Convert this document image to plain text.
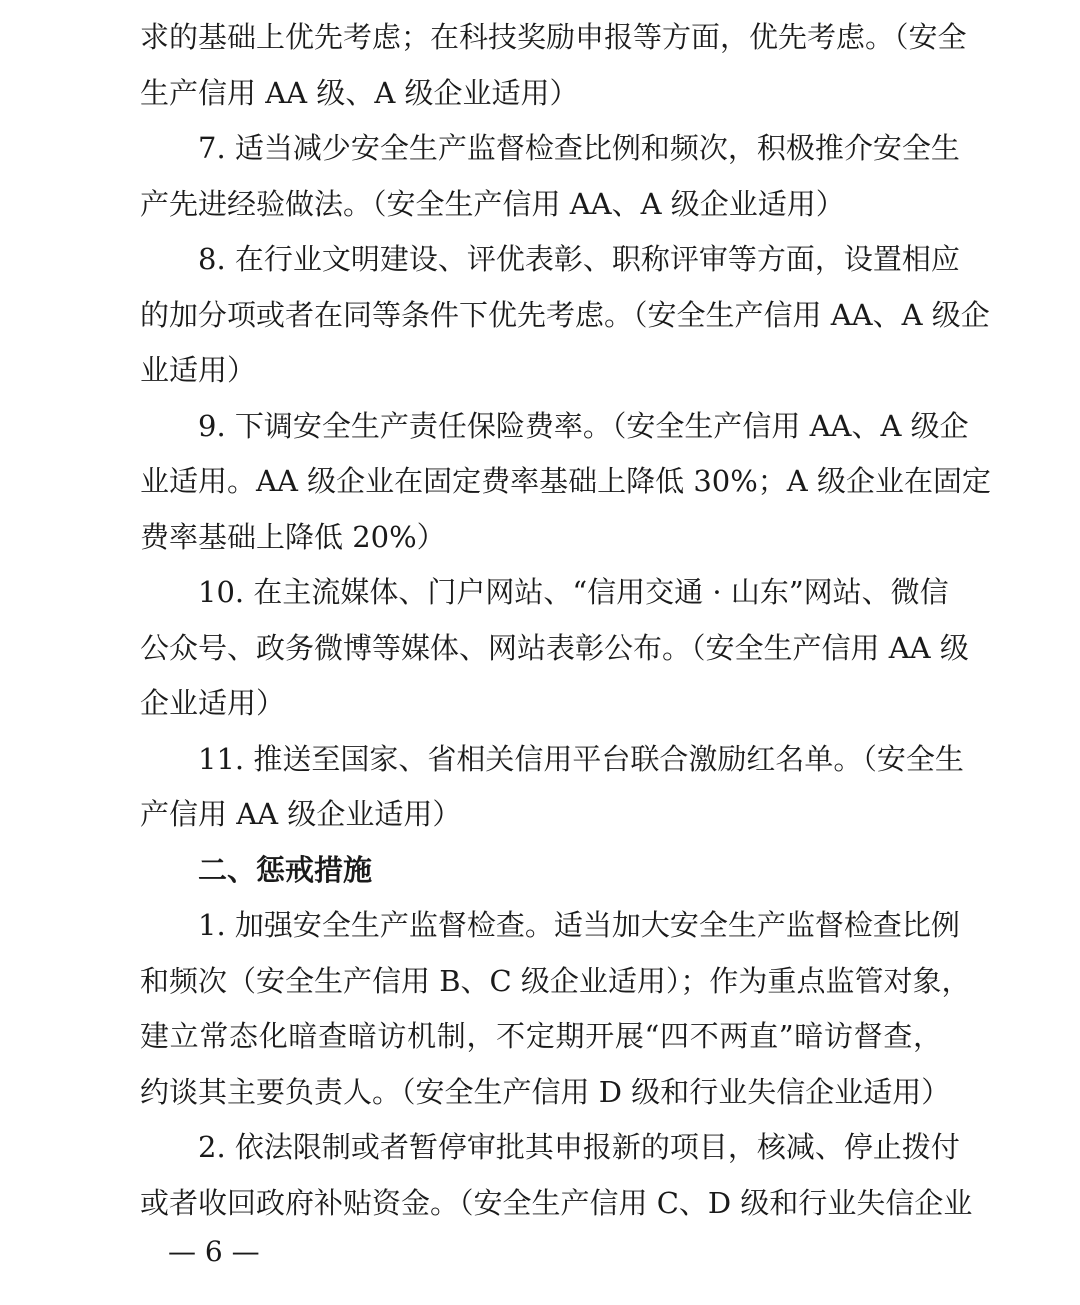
求的基础上优先考虑；在科技奖励申报等方面，优先考虑。（安全
生产信用 AA 级、A 级企业适用）
7. 适当减少安全生产监督检查比例和频次，积极推介安全生
产先进经验做法。（安全生产信用 AA、A 级企业适用）
8. 在行业文明建设、评优表彰、职称评审等方面，设置相应
的加分项或者在同等条件下优先考虑。（安全生产信用 AA、A 级企
业适用）
9. 下调安全生产责任保险费率。（安全生产信用 AA、A 级企
业适用。AA 级企业在固定费率基础上降低 30%；A 级企业在固定
费率基础上降低 20%）
10. 在主流媒体、门户网站、“信用交通 · 山东”网站、微信
公众号、政务微博等媒体、网站表彰公布。（安全生产信用 AA 级
企业适用）
11. 推送至国家、省相关信用平台联合激励红名单。（安全生
产信用 AA 级企业适用）
二、惩戒措施
1. 加强安全生产监督检查。适当加大安全生产监督检查比例
和频次（安全生产信用 B、C 级企业适用）；作为重点监管对象，
建立常态化暗查暗访机制，不定期开展“四不两直”暗访督查，
约谈其主要负责人。（安全生产信用 D 级和行业失信企业适用）
2. 依法限制或者暂停审批其申报新的项目，核减、停止拨付
或者收回政府补贴资金。（安全生产信用 C、D 级和行业失信企业
— 6 —
